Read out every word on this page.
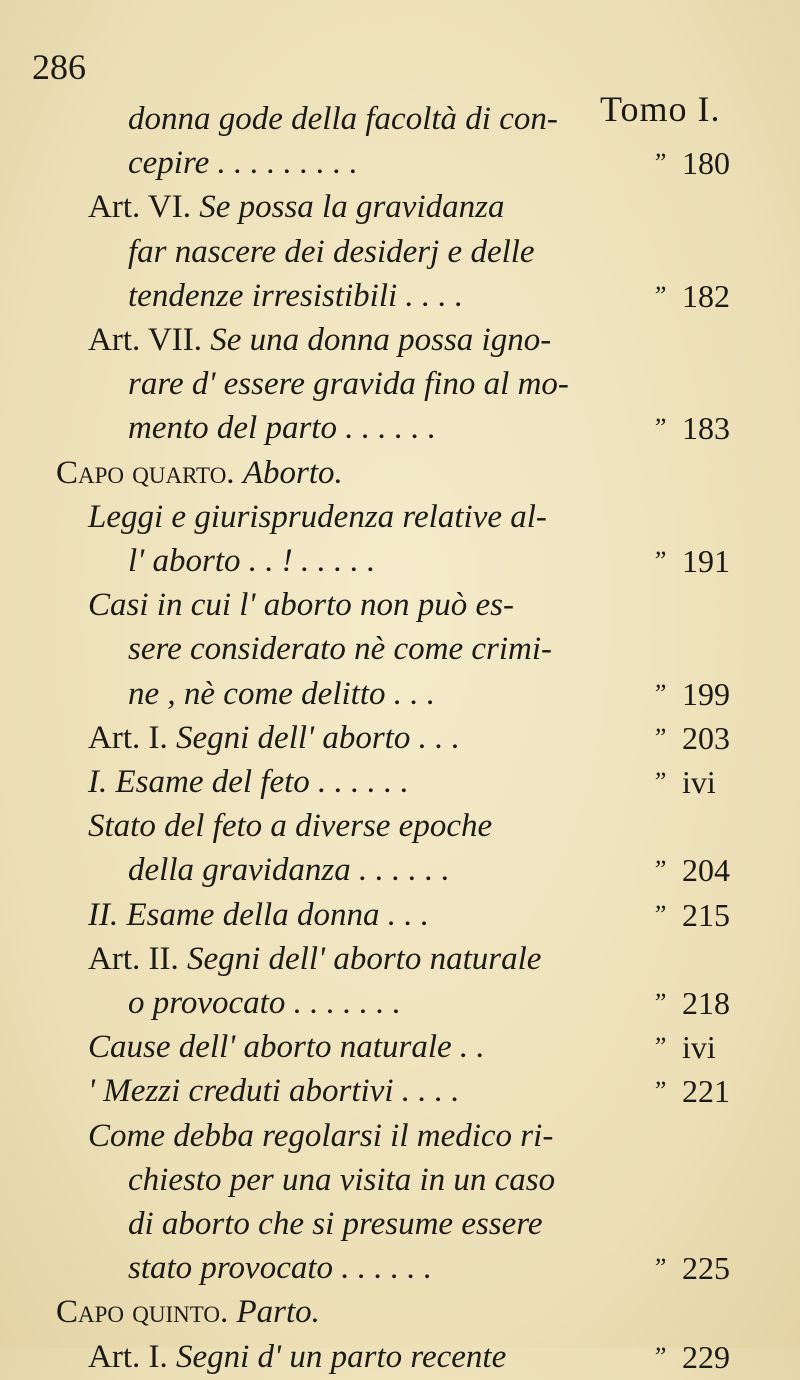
286
Tomo I.
donna gode della facoltà di con-
cepire . . . . . . . . .	” 180
Art. VI. Se possa la gravidanza
far nascere dei desiderj e delle
tendenze irresistibili . . . .	” 182
Art. VII. Se una donna possa igno-
rare d' essere gravida fino al mo-
mento del parto . . . . . .	” 183
Capo quarto. Aborto.
Leggi e giurisprudenza relative al-
l' aborto . . ! . . . . .	” 191
Casi in cui l' aborto non può es-
sere considerato nè come crimi-
ne , nè come delitto . . .	” 199
Art. I. Segni dell' aborto . . .	” 203
I. Esame del feto . . . . . .	” ivi
Stato del feto a diverse epoche
della gravidanza . . . . . .	” 204
II. Esame della donna . . .	” 215
Art. II. Segni dell' aborto naturale
o provocato . . . . . . .	” 218
Cause dell' aborto naturale . .	” ivi
' Mezzi creduti abortivi . . . .	” 221
Come debba regolarsi il medico ri-
chiesto per una visita in un caso
di aborto che si presume essere
stato provocato . . . . . .	” 225
Capo quinto. Parto.
Art. I. Segni d' un parto recente	” 229
